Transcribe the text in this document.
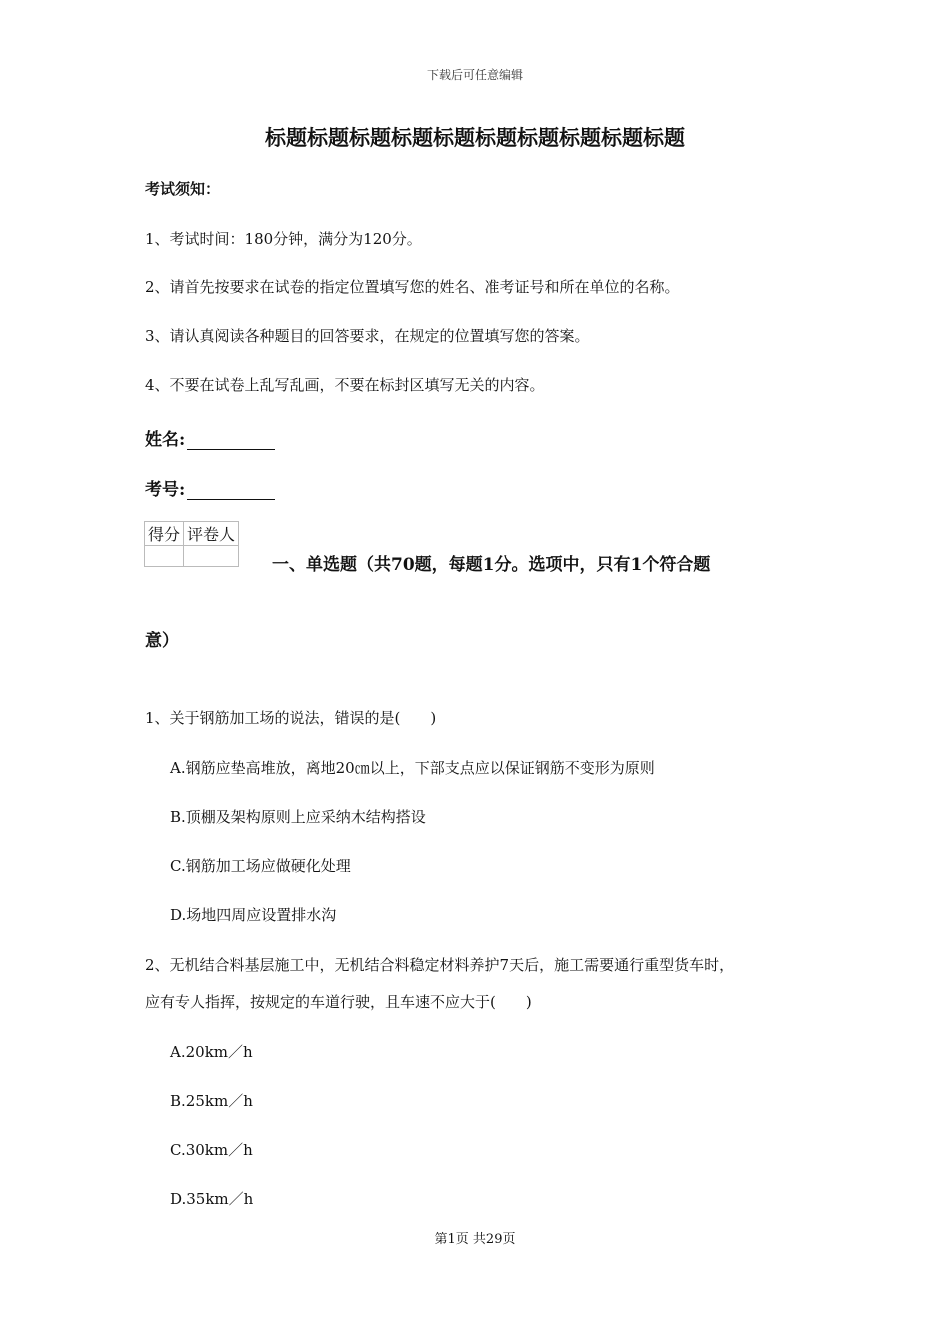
下载后可任意编辑
标题标题标题标题标题标题标题标题标题标题
考试须知：
1、考试时间：180分钟，满分为120分。
2、请首先按要求在试卷的指定位置填写您的姓名、准考证号和所在单位的名称。
3、请认真阅读各种题目的回答要求，在规定的位置填写您的答案。
4、不要在试卷上乱写乱画，不要在标封区填写无关的内容。
姓名:
考号:
得分	评卷人

一、单选题（共70题，每题1分。选项中，只有1个符合题
意）
1、关于钢筋加工场的说法，错误的是(　　)
A.钢筋应垫高堆放，离地20㎝以上，下部支点应以保证钢筋不变形为原则
B.顶棚及架构原则上应采纳木结构搭设
C.钢筋加工场应做硬化处理
D.场地四周应设置排水沟
2、无机结合料基层施工中，无机结合料稳定材料养护7天后，施工需要通行重型货车时，
应有专人指挥，按规定的车道行驶，且车速不应大于(　　)
A.20km／h
B.25km／h
C.30km／h
D.35km／h
第1页 共29页
